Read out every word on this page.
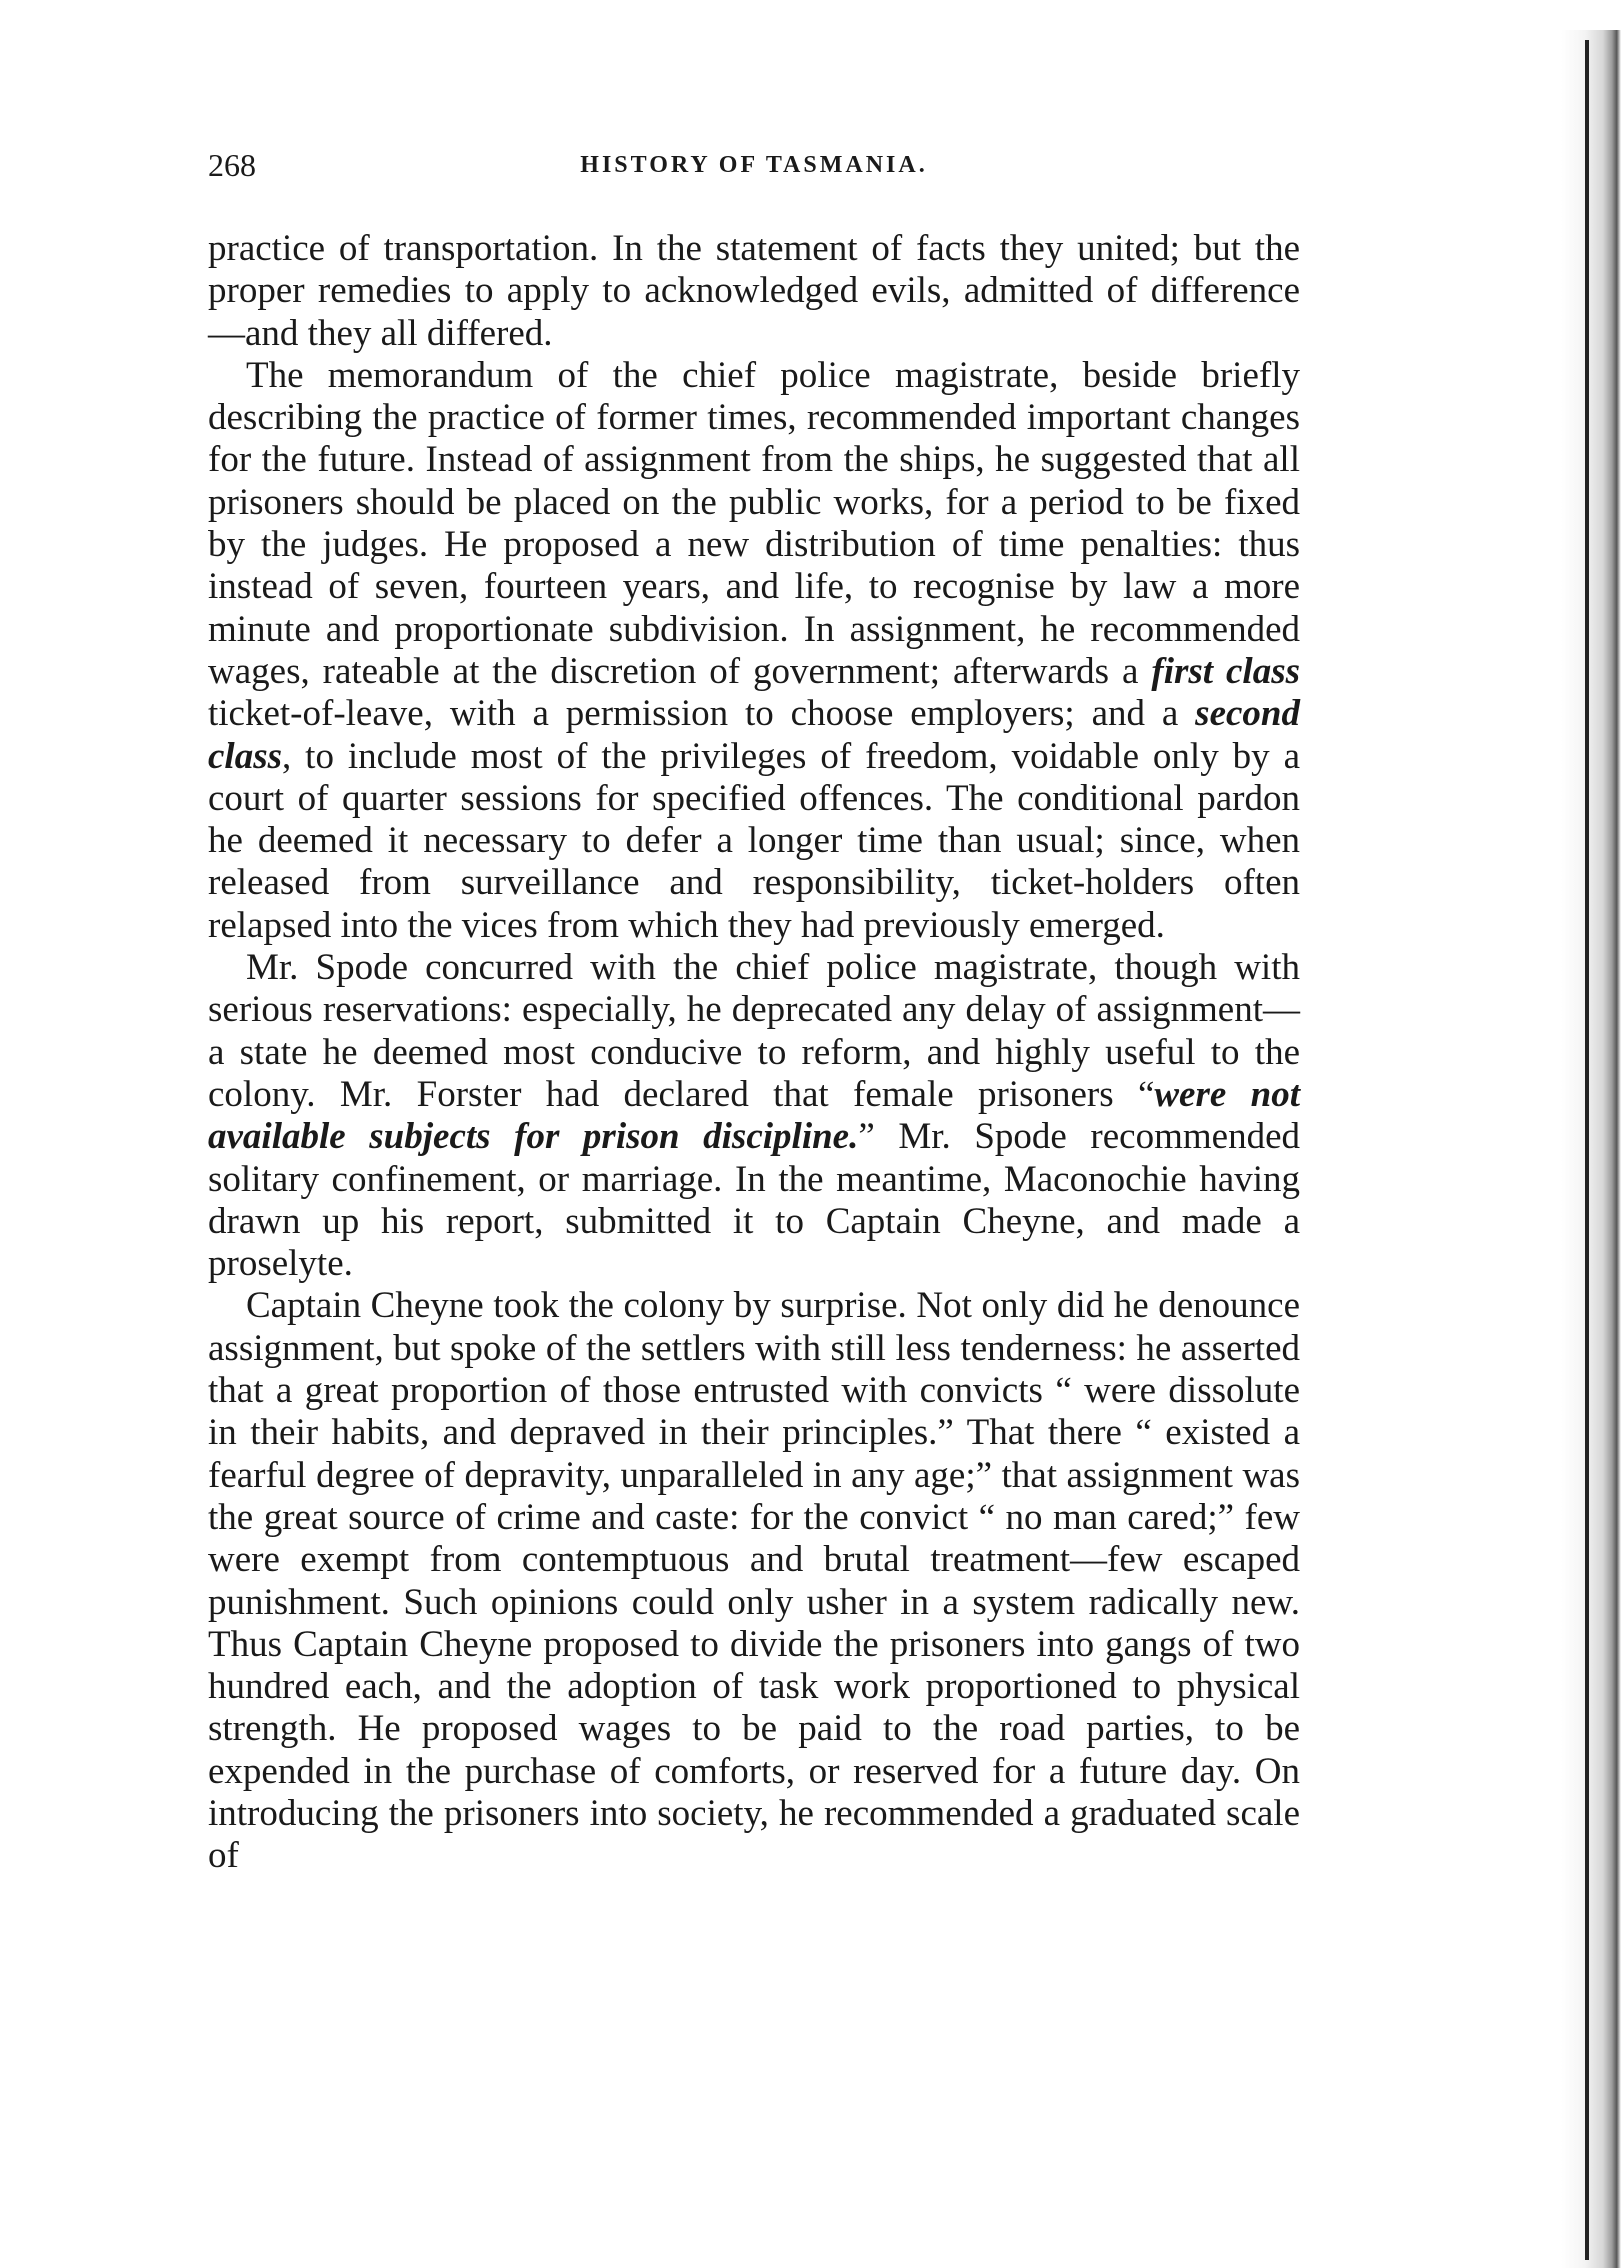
268	HISTORY OF TASMANIA.

practice of transportation. In the statement of facts they united; but the proper remedies to apply to acknowledged evils, admitted of difference—and they all differed.

The memorandum of the chief police magistrate, beside briefly describing the practice of former times, recommended important changes for the future. Instead of assignment from the ships, he suggested that all prisoners should be placed on the public works, for a period to be fixed by the judges. He proposed a new distribution of time penalties: thus instead of seven, fourteen years, and life, to recognise by law a more minute and proportionate subdivision. In assignment, he recommended wages, rateable at the discretion of government; afterwards a first class ticket-of-leave, with a permission to choose employers; and a second class, to include most of the privileges of freedom, voidable only by a court of quarter sessions for specified offences. The conditional pardon he deemed it necessary to defer a longer time than usual; since, when released from surveillance and responsibility, ticket-holders often relapsed into the vices from which they had previously emerged.

Mr. Spode concurred with the chief police magistrate, though with serious reservations: especially, he deprecated any delay of assignment—a state he deemed most conducive to reform, and highly useful to the colony. Mr. Forster had declared that female prisoners “were not available subjects for prison discipline.” Mr. Spode recommended solitary confinement, or marriage. In the meantime, Maconochie having drawn up his report, submitted it to Captain Cheyne, and made a proselyte.

Captain Cheyne took the colony by surprise. Not only did he denounce assignment, but spoke of the settlers with still less tenderness: he asserted that a great proportion of those entrusted with convicts “ were dissolute in their habits, and depraved in their principles.” That there “ existed a fearful degree of depravity, unparalleled in any age;” that assignment was the great source of crime and caste: for the convict “ no man cared;” few were exempt from contemptuous and brutal treatment—few escaped punishment. Such opinions could only usher in a system radically new. Thus Captain Cheyne proposed to divide the prisoners into gangs of two hundred each, and the adoption of task work proportioned to physical strength. He proposed wages to be paid to the road parties, to be expended in the purchase of comforts, or reserved for a future day. On introducing the prisoners into society, he recommended a graduated scale of
